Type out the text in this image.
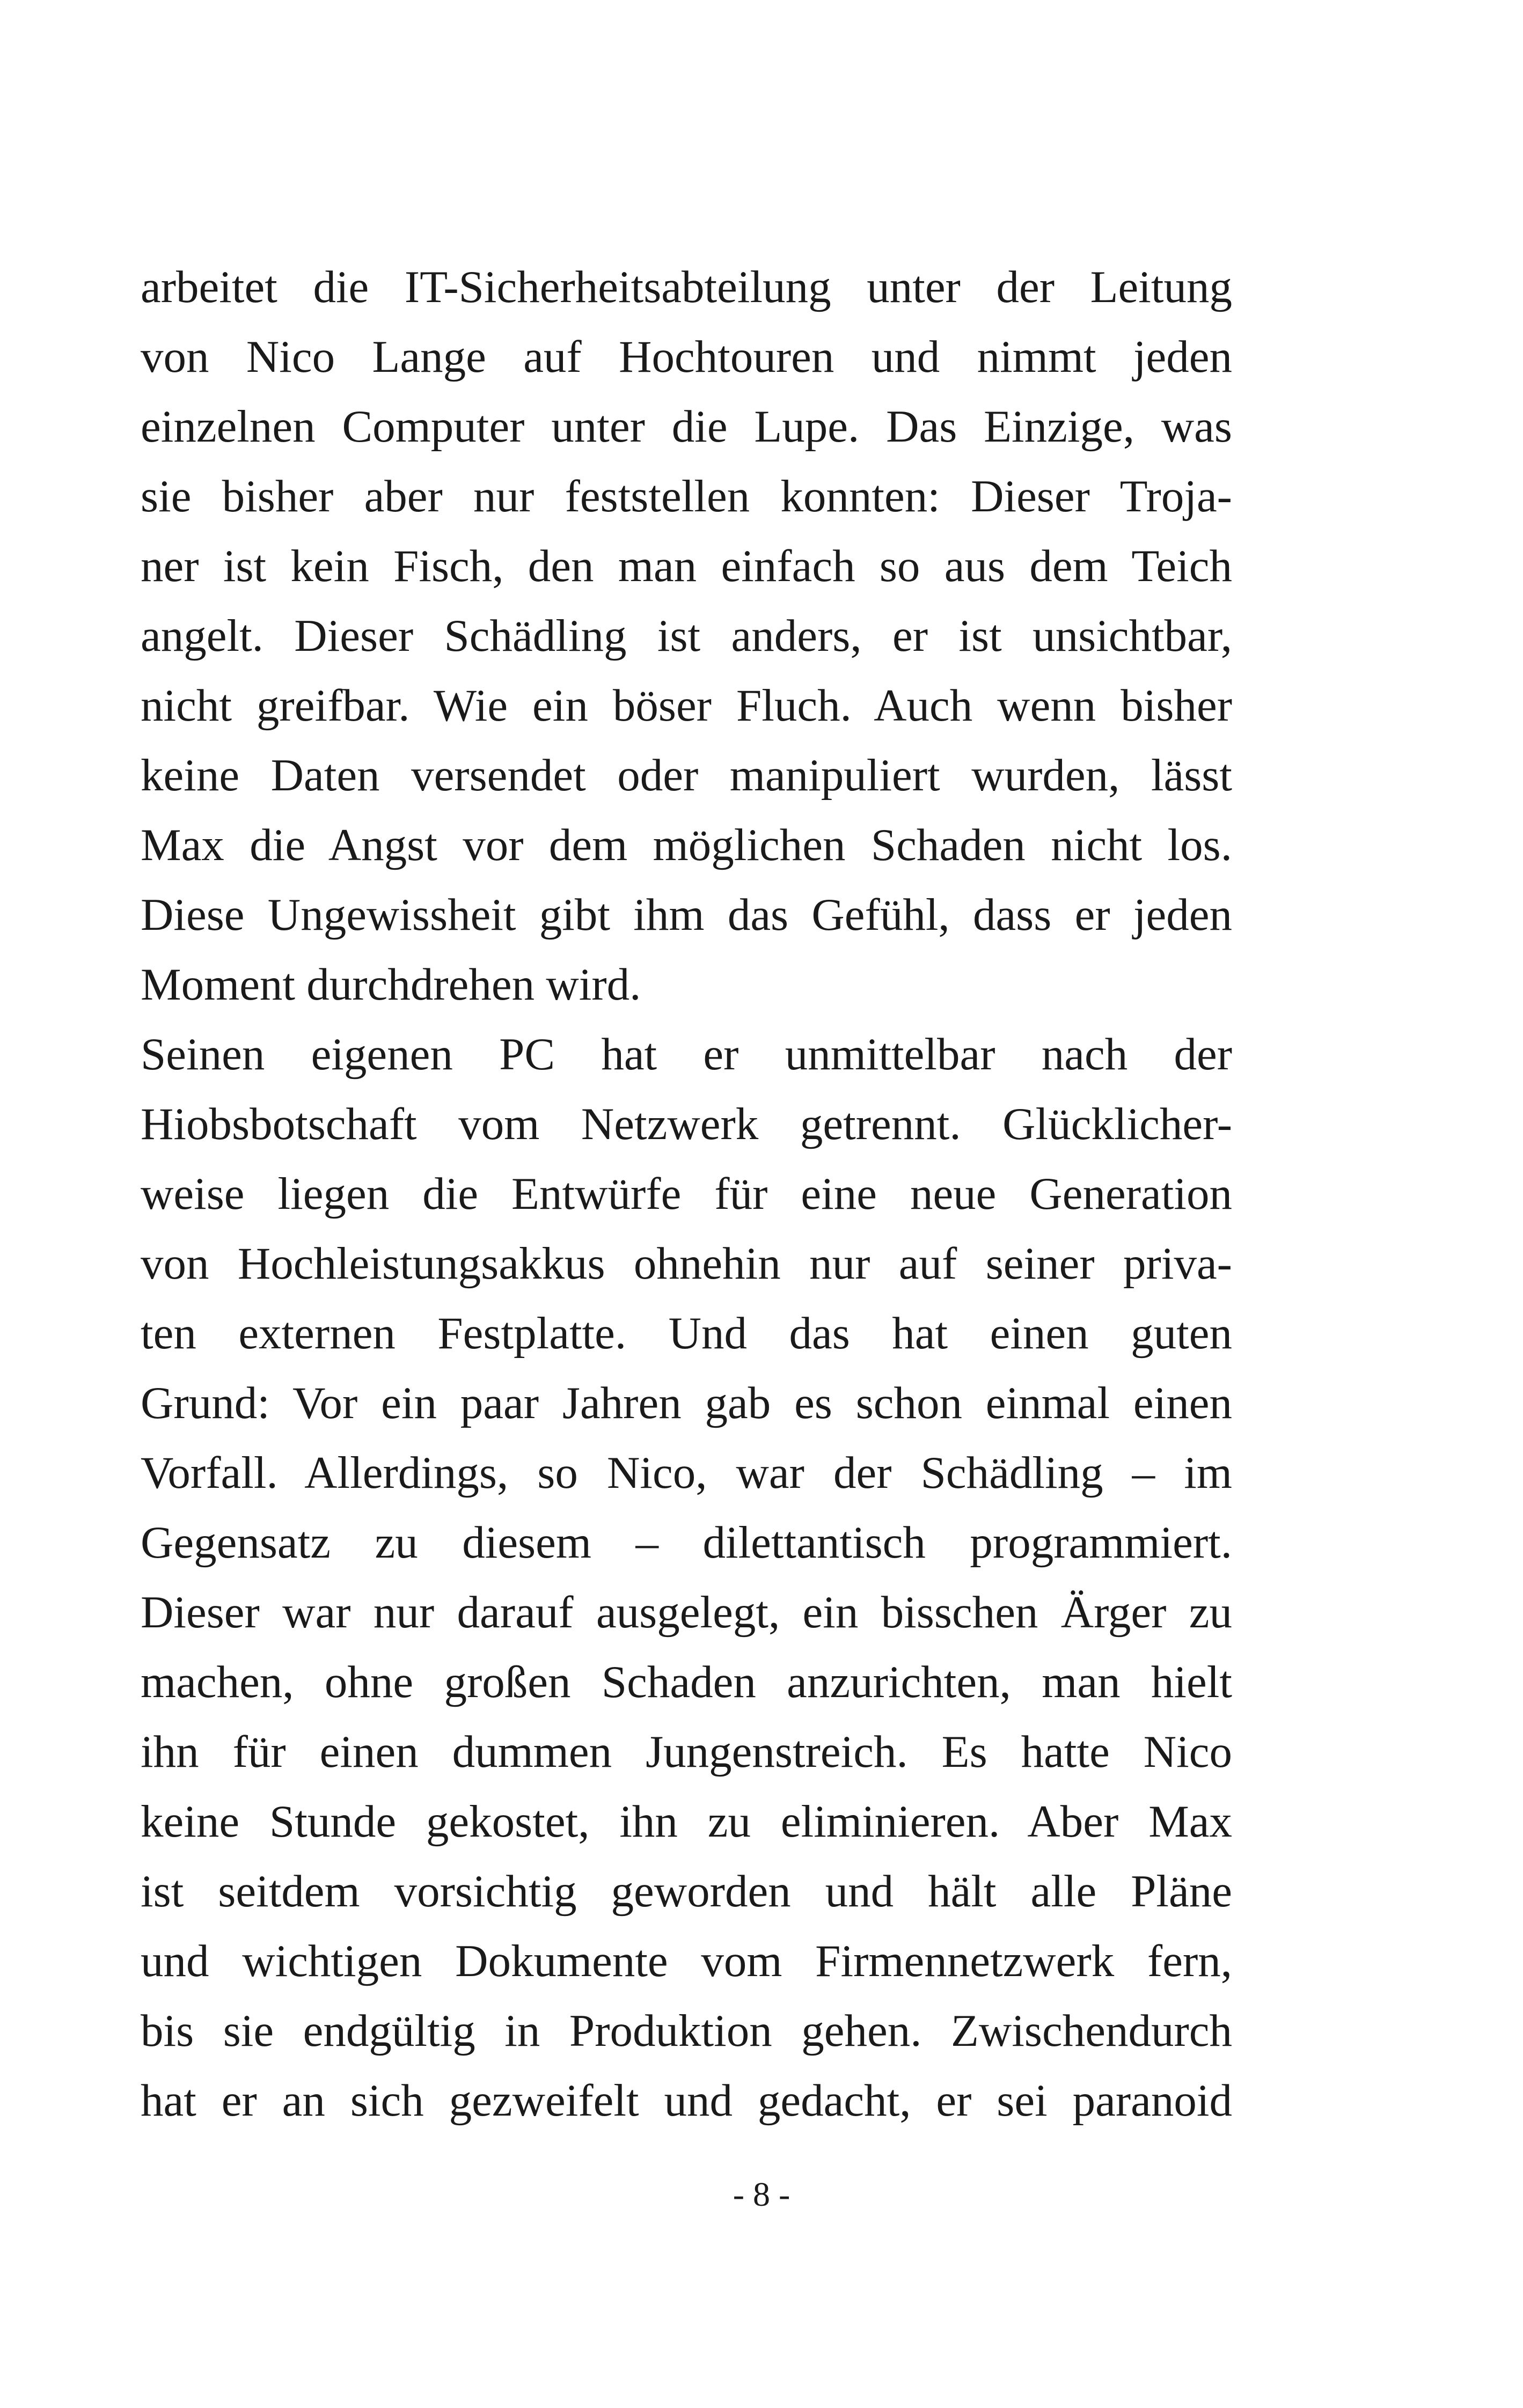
arbeitet die IT-Sicherheitsabteilung unter der Leitung
von Nico Lange auf Hochtouren und nimmt jeden
einzelnen Computer unter die Lupe. Das Einzige, was
sie bisher aber nur feststellen konnten: Dieser Troja-
ner ist kein Fisch, den man einfach so aus dem Teich
angelt. Dieser Schädling ist anders, er ist unsichtbar,
nicht greifbar. Wie ein böser Fluch. Auch wenn bisher
keine Daten versendet oder manipuliert wurden, lässt
Max die Angst vor dem möglichen Schaden nicht los.
Diese Ungewissheit gibt ihm das Gefühl, dass er jeden
Moment durchdrehen wird.
Seinen eigenen PC hat er unmittelbar nach der
Hiobsbotschaft vom Netzwerk getrennt. Glücklicher-
weise liegen die Entwürfe für eine neue Generation
von Hochleistungsakkus ohnehin nur auf seiner priva-
ten externen Festplatte. Und das hat einen guten
Grund: Vor ein paar Jahren gab es schon einmal einen
Vorfall. Allerdings, so Nico, war der Schädling – im
Gegensatz zu diesem – dilettantisch programmiert.
Dieser war nur darauf ausgelegt, ein bisschen Ärger zu
machen, ohne großen Schaden anzurichten, man hielt
ihn für einen dummen Jungenstreich. Es hatte Nico
keine Stunde gekostet, ihn zu eliminieren. Aber Max
ist seitdem vorsichtig geworden und hält alle Pläne
und wichtigen Dokumente vom Firmennetzwerk fern,
bis sie endgültig in Produktion gehen. Zwischendurch
hat er an sich gezweifelt und gedacht, er sei paranoid
- 8 -
